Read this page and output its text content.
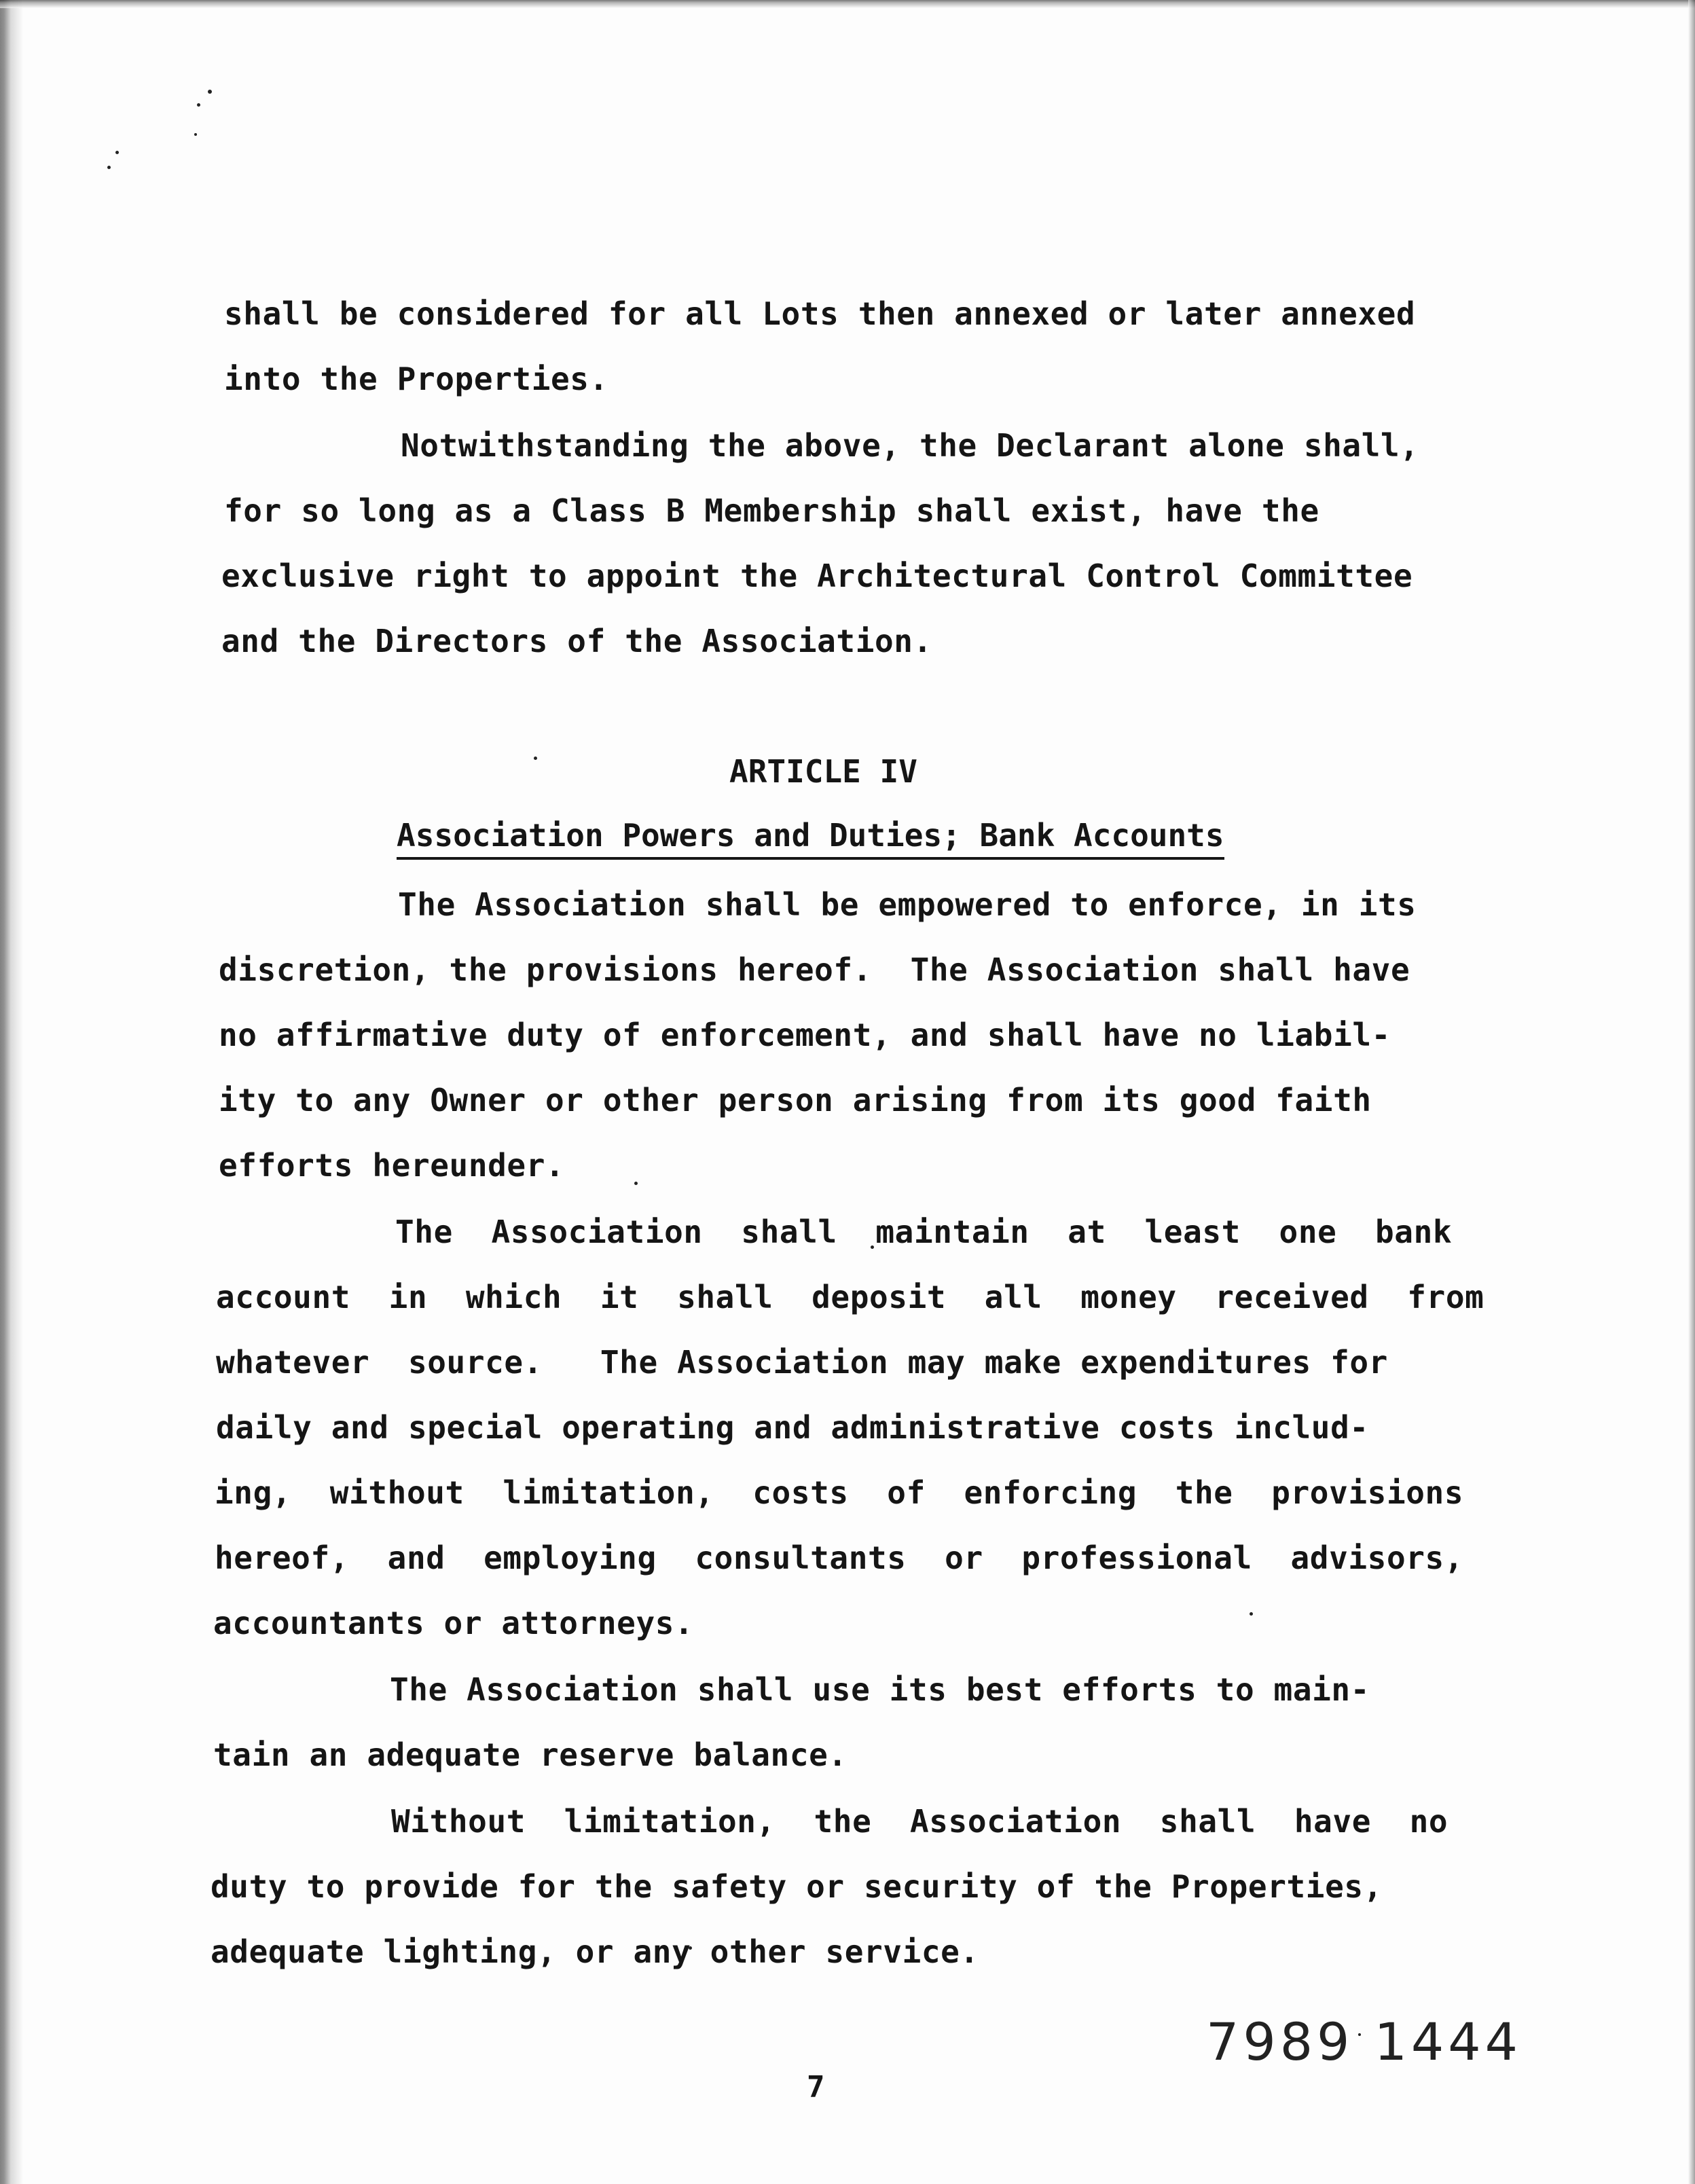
shall be considered for all Lots then annexed or later annexed
into the Properties.
Notwithstanding the above, the Declarant alone shall,
for so long as a Class B Membership shall exist, have the
exclusive right to appoint the Architectural Control Committee
and the Directors of the Association.
ARTICLE IV
Association Powers and Duties; Bank Accounts
The Association shall be empowered to enforce, in its
discretion, the provisions hereof.  The Association shall have
no affirmative duty of enforcement, and shall have no liabil-
ity to any Owner or other person arising from its good faith
efforts hereunder.
The  Association  shall  maintain  at  least  one  bank
account  in  which  it  shall  deposit  all  money  received  from
whatever  source.   The Association may make expenditures for
daily and special operating and administrative costs includ-
ing,  without  limitation,  costs  of  enforcing  the  provisions
hereof,  and  employing  consultants  or  professional  advisors,
accountants or attorneys.
The Association shall use its best efforts to main-
tain an adequate reserve balance.
Without  limitation,  the  Association  shall  have  no
duty to provide for the safety or security of the Properties,
adequate lighting, or any other service.
7989 1444
7
